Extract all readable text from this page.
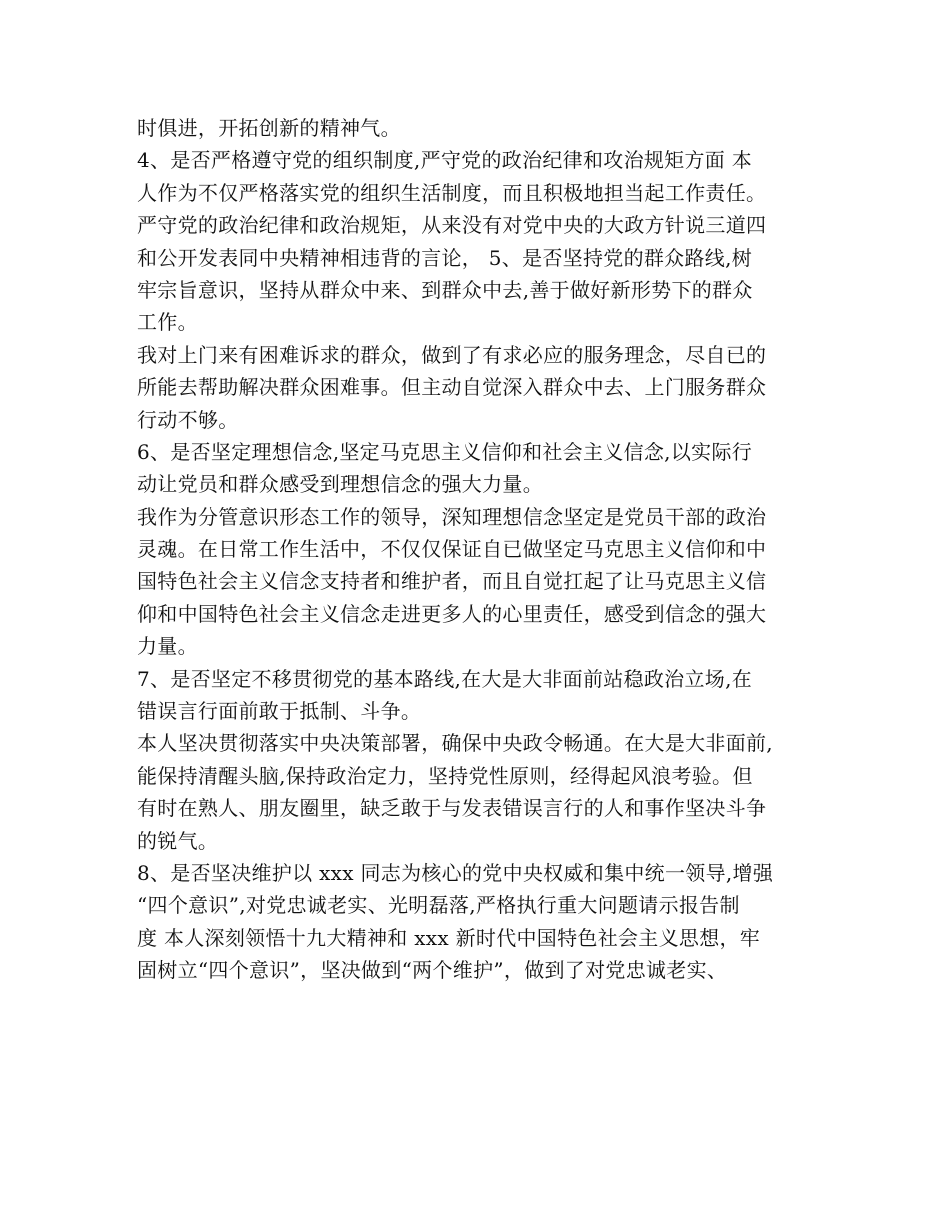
时俱进，开拓创新的精神气。
4、是否严格遵守党的组织制度,严守党的政治纪律和攻治规矩方面 本
人作为不仅严格落实党的组织生活制度，而且积极地担当起工作责任。
严守党的政治纪律和政治规矩，从来没有对党中央的大政方针说三道四
和公开发表同中央精神相违背的言论， 5、是否坚持党的群众路线,树
牢宗旨意识，坚持从群众中来、到群众中去,善于做好新形势下的群众
工作。
我对上门来有困难诉求的群众，做到了有求必应的服务理念，尽自已的
所能去帮助解决群众困难事。但主动自觉深入群众中去、上门服务群众
行动不够。
6、是否坚定理想信念,坚定马克思主义信仰和社会主义信念,以实际行
动让党员和群众感受到理想信念的强大力量。
我作为分管意识形态工作的领导，深知理想信念坚定是党员干部的政治
灵魂。在日常工作生活中，不仅仅保证自已做坚定马克思主义信仰和中
国特色社会主义信念支持者和维护者，而且自觉扛起了让马克思主义信
仰和中国特色社会主义信念走进更多人的心里责任，感受到信念的强大
力量。
7、是否坚定不移贯彻党的基本路线,在大是大非面前站稳政治立场,在
错误言行面前敢于抵制、斗争。
本人坚决贯彻落实中央决策部署，确保中央政令畅通。在大是大非面前,
能保持清醒头脑,保持政治定力，坚持党性原则，经得起风浪考验。但
有时在熟人、朋友圈里，缺乏敢于与发表错误言行的人和事作坚决斗争
的锐气。
8、是否坚决维护以 xxx 同志为核心的党中央权威和集中统一领导,增强
“四个意识”,对党忠诚老实、光明磊落,严格执行重大问题请示报告制
度 本人深刻领悟十九大精神和 xxx 新时代中国特色社会主义思想，牢
固树立“四个意识”，坚决做到“两个维护”，做到了对党忠诚老实、
